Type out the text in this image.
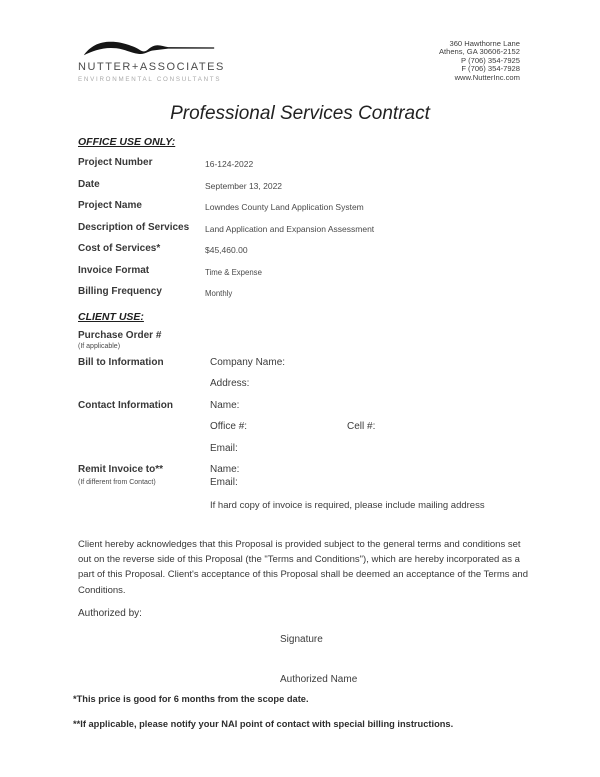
NUTTER+ASSOCIATES
ENVIRONMENTAL CONSULTANTS
360 Hawthorne Lane
Athens, GA 30606-2152
P (706) 354-7925
F (706) 354-7928
www.NutterInc.com
Professional Services Contract
OFFICE USE ONLY:
Project Number	16-124-2022
Date	September 13, 2022
Project Name	Lowndes County Land Application System
Description of Services	Land Application and Expansion Assessment
Cost of Services*	$45,460.00
Invoice Format	Time & Expense
Billing Frequency	Monthly
CLIENT USE:
Purchase Order #
(If applicable)
Bill to Information	Company Name:
Address:
Contact Information	Name:
Office #:	Cell #:
Email:
Remit Invoice to**
(If different from Contact)
Name:
Email:
If hard copy of invoice is required, please include mailing address
Client hereby acknowledges that this Proposal is provided subject to the general terms and conditions set out on the reverse side of this Proposal (the "Terms and Conditions"), which are hereby incorporated as a part of this Proposal. Client's acceptance of this Proposal shall be deemed an acceptance of the Terms and Conditions.
Authorized by:
Signature
Authorized Name
*This price is good for 6 months from the scope date.
**If applicable, please notify your NAI point of contact with special billing instructions.
